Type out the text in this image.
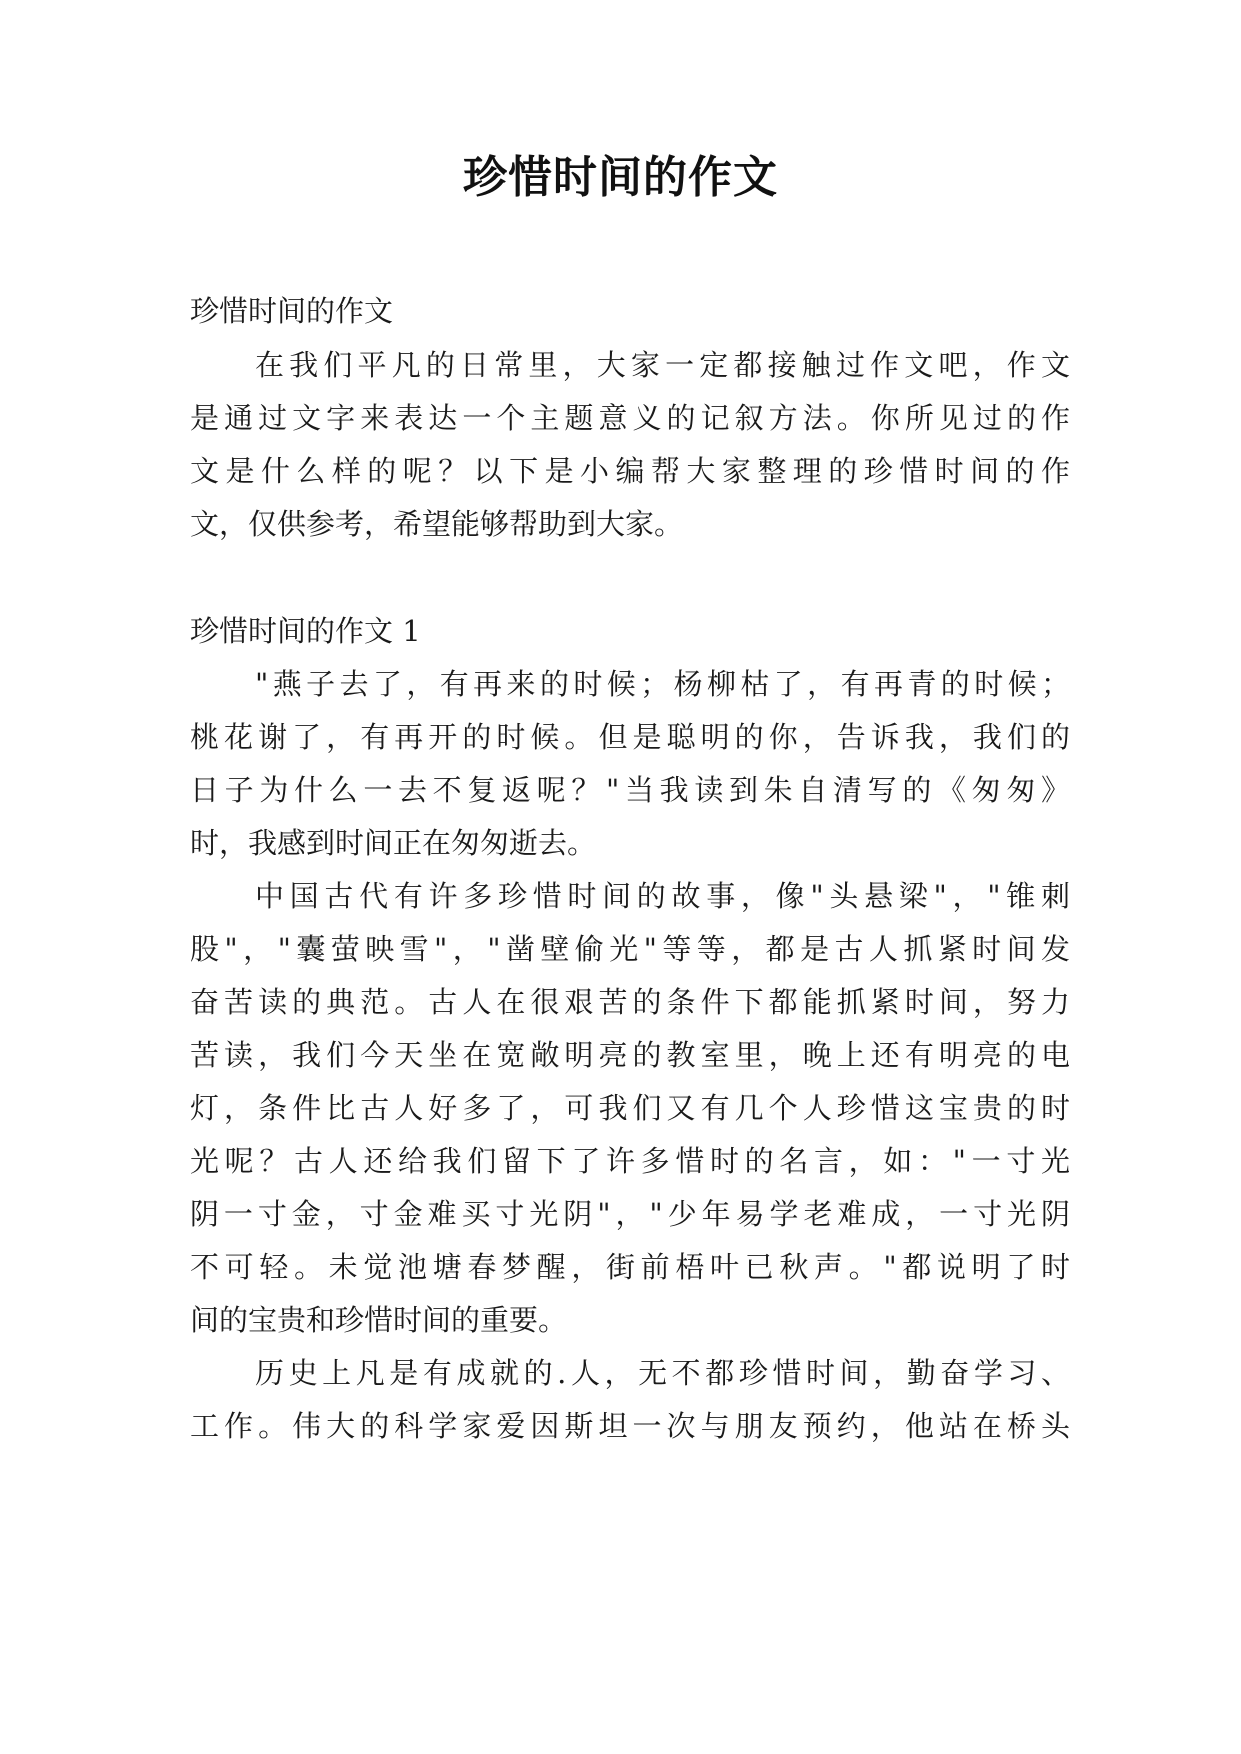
珍惜时间的作文
珍惜时间的作文
在我们平凡的日常里，大家一定都接触过作文吧，作文
是通过文字来表达一个主题意义的记叙方法。你所见过的作
文是什么样的呢？以下是小编帮大家整理的珍惜时间的作
文，仅供参考，希望能够帮助到大家。
珍惜时间的作文 1
"燕子去了，有再来的时候；杨柳枯了，有再青的时候；
桃花谢了，有再开的时候。但是聪明的你，告诉我，我们的
日子为什么一去不复返呢？"当我读到朱自清写的《匆匆》
时，我感到时间正在匆匆逝去。
中国古代有许多珍惜时间的故事，像"头悬梁"，"锥刺
股"，"囊萤映雪"，"凿壁偷光"等等，都是古人抓紧时间发
奋苦读的典范。古人在很艰苦的条件下都能抓紧时间，努力
苦读，我们今天坐在宽敞明亮的教室里，晚上还有明亮的电
灯，条件比古人好多了，可我们又有几个人珍惜这宝贵的时
光呢？古人还给我们留下了许多惜时的名言，如："一寸光
阴一寸金，寸金难买寸光阴"，"少年易学老难成，一寸光阴
不可轻。未觉池塘春梦醒，街前梧叶已秋声。"都说明了时
间的宝贵和珍惜时间的重要。
历史上凡是有成就的.人，无不都珍惜时间，勤奋学习、
工作。伟大的科学家爱因斯坦一次与朋友预约，他站在桥头
